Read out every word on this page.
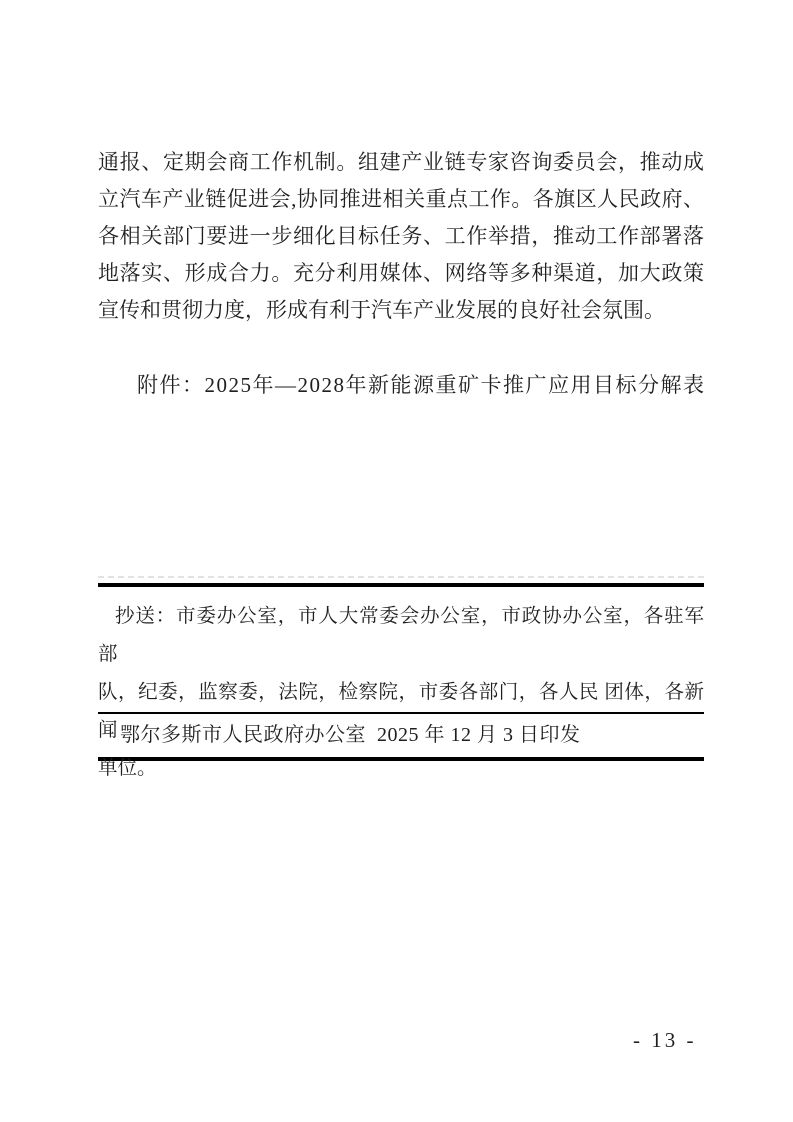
通报、定期会商工作机制。组建产业链专家咨询委员会，推动成
立汽车产业链促进会,协同推进相关重点工作。各旗区人民政府、
各相关部门要进一步细化目标任务、工作举措，推动工作部署落
地落实、形成合力。充分利用媒体、网络等多种渠道，加大政策
宣传和贯彻力度，形成有利于汽车产业发展的良好社会氛围。
附件：2025年—2028年新能源重矿卡推广应用目标分解表
抄送：市委办公室，市人大常委会办公室，市政协办公室，各驻军 部
队，纪委，监察委，法院，检察院，市委各部门，各人民 团体，各新闻
单位。
鄂尔多斯市人民政府办公室  2025 年 12 月 3 日印发
- 13 -
